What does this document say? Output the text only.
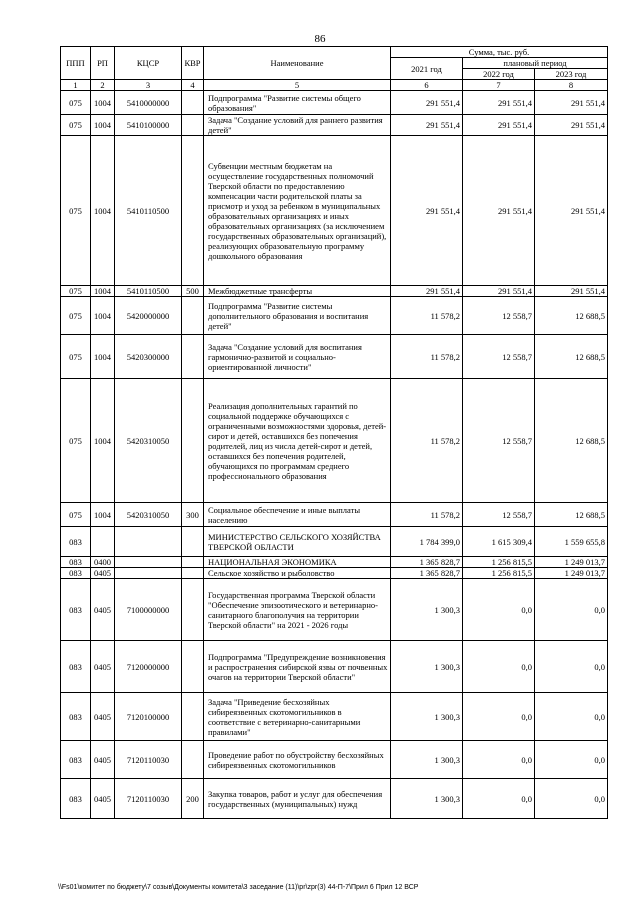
86
ППП	РП	КЦСР	КВР	Наименование	Сумма, тыс. руб.		
					2021 год	плановый период	
						2022 год	2023 год
1	2	3	4	5	6	7	8
075	1004	5410000000		Подпрограмма "Развитие системы общего образования"	291 551,4	291 551,4	291 551,4
075	1004	5410100000		Задача "Создание условий для раннего развития детей"	291 551,4	291 551,4	291 551,4
075	1004	5410110500		Субвенции местным бюджетам на осуществление государственных полномочий Тверской области по предоставлению компенсации части родительской платы за присмотр и уход за ребенком в муниципальных образовательных организациях и иных образовательных организациях (за исключением государственных образовательных организаций), реализующих образовательную программу дошкольного образования	291 551,4	291 551,4	291 551,4
075	1004	5410110500	500	Межбюджетные трансферты	291 551,4	291 551,4	291 551,4
075	1004	5420000000		Подпрограмма "Развитие системы дополнительного образования и воспитания детей"	11 578,2	12 558,7	12 688,5
075	1004	5420300000		Задача "Создание условий для воспитания гармонично-развитой и социально-ориентированной личности"	11 578,2	12 558,7	12 688,5
075	1004	5420310050		Реализация дополнительных гарантий по социальной поддержке обучающихся с ограниченными возможностями здоровья, детей-сирот и детей, оставшихся без попечения родителей, лиц из числа детей-сирот и детей, оставшихся без попечения родителей, обучающихся по программам среднего профессионального образования	11 578,2	12 558,7	12 688,5
075	1004	5420310050	300	Социальное обеспечение и иные выплаты населению	11 578,2	12 558,7	12 688,5
083				МИНИСТЕРСТВО СЕЛЬСКОГО ХОЗЯЙСТВА ТВЕРСКОЙ ОБЛАСТИ	1 784 399,0	1 615 309,4	1 559 655,8
083	0400			НАЦИОНАЛЬНАЯ ЭКОНОМИКА	1 365 828,7	1 256 815,5	1 249 013,7
083	0405			Сельское хозяйство и рыболовство	1 365 828,7	1 256 815,5	1 249 013,7
083	0405	7100000000		Государственная программа Тверской области "Обеспечение эпизоотического и ветеринарно-санитарного благополучия на территории Тверской области" на 2021 - 2026 годы	1 300,3	0,0	0,0
083	0405	7120000000		Подпрограмма "Предупреждение возникновения и распространения сибирской язвы от почвенных очагов на территории Тверской области"	1 300,3	0,0	0,0
083	0405	7120100000		Задача "Приведение бесхозяйных сибиреязвенных скотомогильников в соответствие с ветеринарно-санитарными правилами"	1 300,3	0,0	0,0
083	0405	7120110030		Проведение работ по обустройству бесхозяйных сибиреязвенных скотомогильников	1 300,3	0,0	0,0
083	0405	7120110030	200	Закупка товаров, работ и услуг для обеспечения государственных (муниципальных) нужд	1 300,3	0,0	0,0
\\Fs01\комитет по бюджету\7 созыв\Документы комитета\3 заседание (11)\pr\zpr(3) 44-П-7\Прил 6 Прил 12 ВСР
